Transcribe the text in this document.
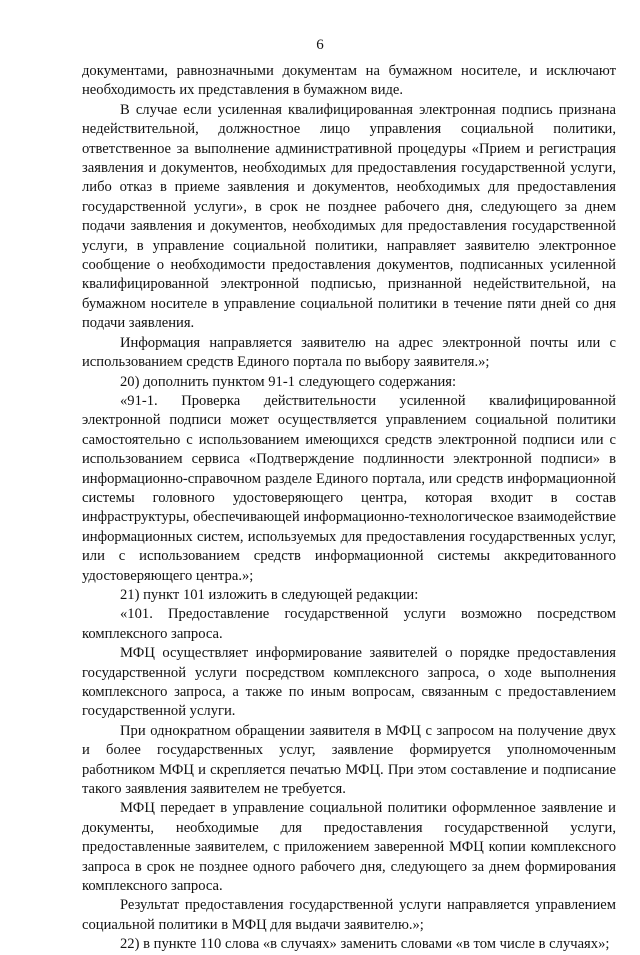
6

документами, равнозначными документам на бумажном носителе, и исключают необходимость их представления в бумажном виде.

В случае если усиленная квалифицированная электронная подпись признана недействительной, должностное лицо управления социальной политики, ответственное за выполнение административной процедуры «Прием и регистрация заявления и документов, необходимых для предоставления государственной услуги, либо отказ в приеме заявления и документов, необходимых для предоставления государственной услуги», в срок не позднее рабочего дня, следующего за днем подачи заявления и документов, необходимых для предоставления государственной услуги, в управление социальной политики, направляет заявителю электронное сообщение о необходимости предоставления документов, подписанных усиленной квалифицированной электронной подписью, признанной недействительной, на бумажном носителе в управление социальной политики в течение пяти дней со дня подачи заявления.

Информация направляется заявителю на адрес электронной почты или с использованием средств Единого портала по выбору заявителя.»;

20) дополнить пунктом 91-1 следующего содержания:

«91-1. Проверка действительности усиленной квалифицированной электронной подписи может осуществляется управлением социальной политики самостоятельно с использованием имеющихся средств электронной подписи или с использованием сервиса «Подтверждение подлинности электронной подписи» в информационно-справочном разделе Единого портала, или средств информационной системы головного удостоверяющего центра, которая входит в состав инфраструктуры, обеспечивающей информационно-технологическое взаимодействие информационных систем, используемых для предоставления государственных услуг, или с использованием средств информационной системы аккредитованного удостоверяющего центра.»;

21) пункт 101 изложить в следующей редакции:

«101. Предоставление государственной услуги возможно посредством комплексного запроса.

МФЦ осуществляет информирование заявителей о порядке предоставления государственной услуги посредством комплексного запроса, о ходе выполнения комплексного запроса, а также по иным вопросам, связанным с предоставлением государственной услуги.

При однократном обращении заявителя в МФЦ с запросом на получение двух и более государственных услуг, заявление формируется уполномоченным работником МФЦ и скрепляется печатью МФЦ. При этом составление и подписание такого заявления заявителем не требуется.

МФЦ передает в управление социальной политики оформленное заявление и документы, необходимые для предоставления государственной услуги, предоставленные заявителем, с приложением заверенной МФЦ копии комплексного запроса в срок не позднее одного рабочего дня, следующего за днем формирования комплексного запроса.

Результат предоставления государственной услуги направляется управлением социальной политики в МФЦ для выдачи заявителю.»;

22) в пункте 110 слова «в случаях» заменить словами «в том числе в случаях»;
